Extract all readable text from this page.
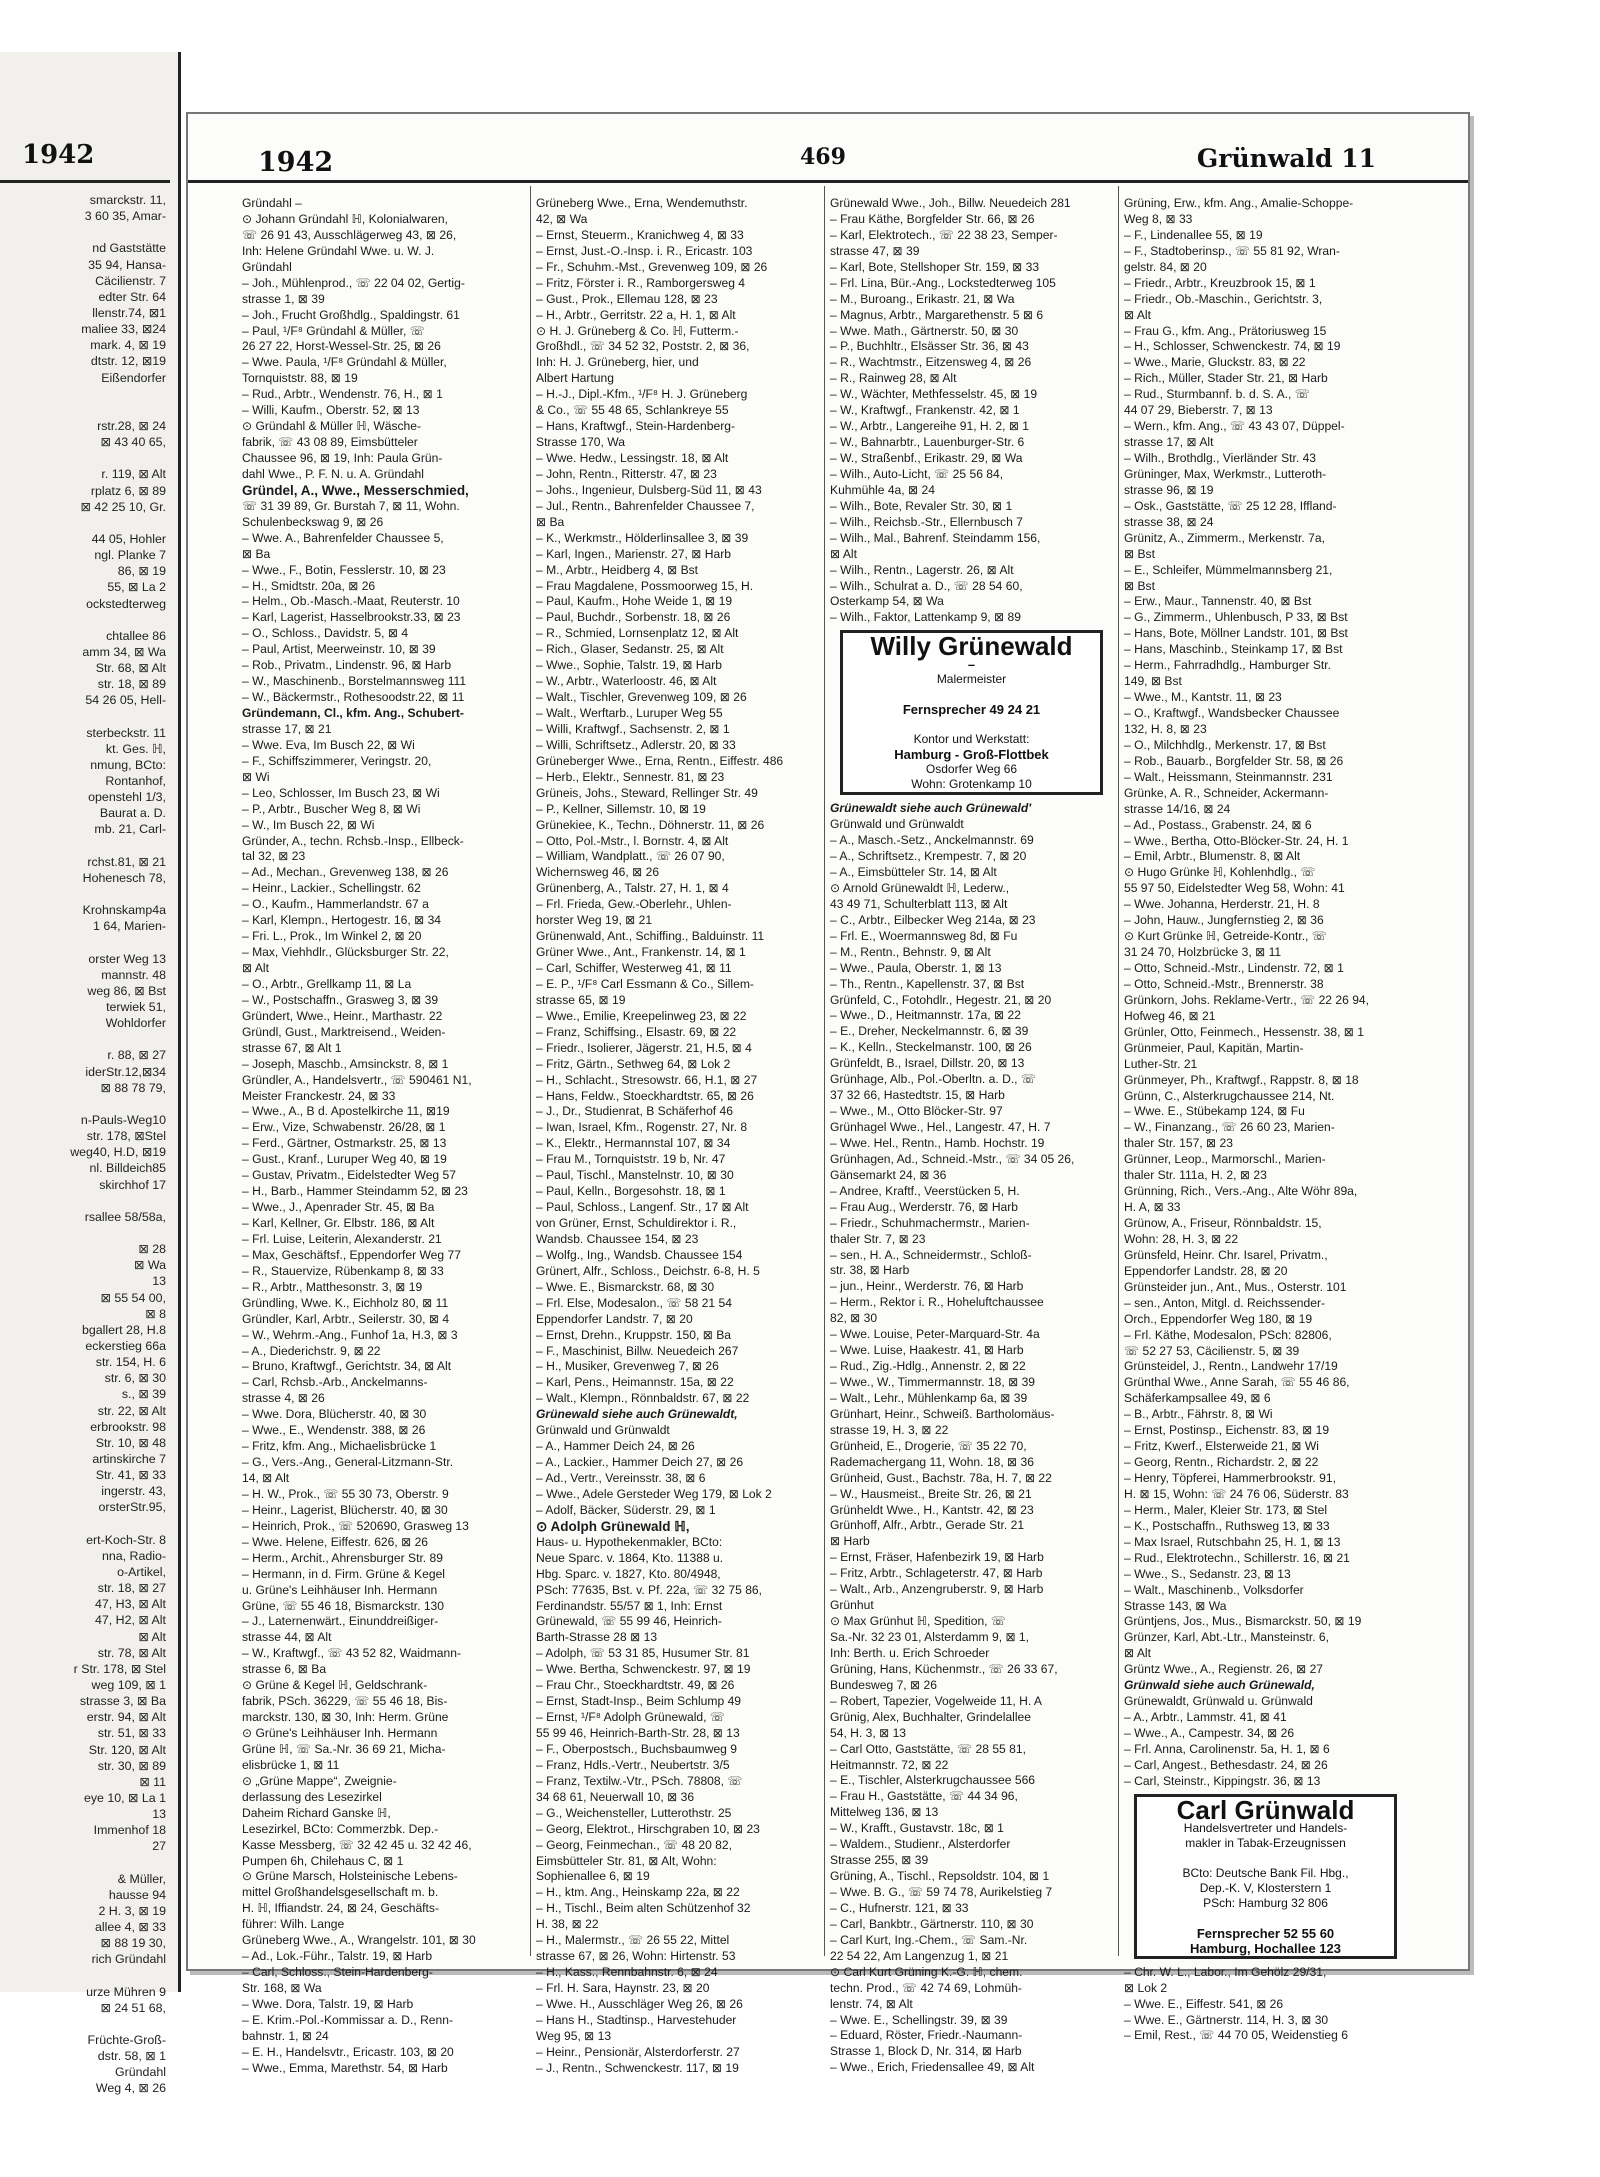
1942
smarckstr. 11,
3 60 35, Amar-
nd Gaststätte
35 94, Hansa-
Cäcilienstr. 7
edter Str. 64
llenstr.74, ⊠1
maliee 33, ⊠24
mark. 4, ⊠ 19
dtstr. 12, ⊠19
Eißendorfer
rstr.28, ⊠ 24
⊠ 43 40 65,
r. 119, ⊠ Alt
rplatz 6, ⊠ 89
⊠ 42 25 10, Gr.
44 05, Hohler
ngl. Planke 7
86, ⊠ 19
55, ⊠ La 2
ockstedterweg
chtallee 86
amm 34, ⊠ Wa
Str. 68, ⊠ Alt
str. 18, ⊠ 89
54 26 05, Hell-
sterbeckstr. 11
kt. Ges. ℍ,
nmung, BCto:
Rontanhof,
openstehl 1/3,
Baurat a. D.
mb. 21, Carl-
rchst.81, ⊠ 21
Hohenesch 78,
Krohnskamp4a
1 64, Marien-
orster Weg 13
mannstr. 48
weg 86, ⊠ Bst
terwiek 51,
Wohldorfer
r. 88, ⊠ 27
iderStr.12,⊠34
⊠ 88 78 79,
n-Pauls-Weg10
str. 178, ⊠Stel
weg40, H.D, ⊠19
nl. Billdeich85
skirchhof 17
rsallee 58/58a,
⊠ 28
⊠ Wa
13
⊠ 55 54 00,
⊠ 8
bgallert 28, H.8
eckerstieg 66a
str. 154, H. 6
str. 6, ⊠ 30
s., ⊠ 39
str. 22, ⊠ Alt
erbrookstr. 98
Str. 10, ⊠ 48
artinskirche 7
Str. 41, ⊠ 33
ingerstr. 43,
orsterStr.95,
ert-Koch-Str. 8
nna, Radio-
o-Artikel,
str. 18, ⊠ 27
47, H3, ⊠ Alt
47, H2, ⊠ Alt
⊠ Alt
str. 78, ⊠ Alt
r Str. 178, ⊠ Stel
weg 109, ⊠ 1
strasse 3, ⊠ Ba
erstr. 94, ⊠ Alt
str. 51, ⊠ 33
Str. 120, ⊠ Alt
str. 30, ⊠ 89
⊠ 11
eye 10, ⊠ La 1
13
Immenhof 18
27
& Müller,
hausse 94
2 H. 3, ⊠ 19
allee 4, ⊠ 33
⊠ 88 19 30,
rich Gründahl
urze Mühren 9
⊠ 24 51 68,
Früchte-Groß-
dstr. 58, ⊠ 1
Gründahl
Weg 4, ⊠ 26
1942	469	Grünwald 11
Gründahl –
⊙ Johann Gründahl ℍ, Kolonialwaren,
☏ 26 91 43, Ausschlägerweg 43, ⊠ 26,
Inh: Helene Gründahl Wwe. u. W. J.
Gründahl
– Joh., Mühlenprod., ☏ 22 04 02, Gertig-
strasse 1, ⊠ 39
– Joh., Frucht Großhdlg., Spaldingstr. 61
– Paul, ¹/F⁸ Gründahl & Müller, ☏
26 27 22, Horst-Wessel-Str. 25, ⊠ 26
– Wwe. Paula, ¹/F⁸ Gründahl & Müller,
Tornquiststr. 88, ⊠ 19
– Rud., Arbtr., Wendenstr. 76, H., ⊠ 1
– Willi, Kaufm., Oberstr. 52, ⊠ 13
⊙ Gründahl & Müller ℍ, Wäsche-
fabrik, ☏ 43 08 89, Eimsbütteler
Chaussee 96, ⊠ 19, Inh: Paula Grün-
dahl Wwe., P. F. N. u. A. Gründahl
Gründel, A., Wwe., Messerschmied,
☏ 31 39 89, Gr. Burstah 7, ⊠ 11, Wohn.
Schulenbeckswag 9, ⊠ 26
– Wwe. A., Bahrenfelder Chaussee 5,
⊠ Ba
– Wwe., F., Botin, Fesslerstr. 10, ⊠ 23
– H., Smidtstr. 20a, ⊠ 26
– Helm., Ob.-Masch.-Maat, Reuterstr. 10
– Karl, Lagerist, Hasselbrookstr.33, ⊠ 23
– O., Schloss., Davidstr. 5, ⊠ 4
– Paul, Artist, Meerweinstr. 10, ⊠ 39
– Rob., Privatm., Lindenstr. 96, ⊠ Harb
– W., Maschinenb., Borstelmannsweg 111
– W., Bäckermstr., Rothesoodstr.22, ⊠ 11
Gründemann, Cl., kfm. Ang., Schubert-
strasse 17, ⊠ 21
– Wwe. Eva, Im Busch 22, ⊠ Wi
– F., Schiffszimmerer, Veringstr. 20,
⊠ Wi
– Leo, Schlosser, Im Busch 23, ⊠ Wi
– P., Arbtr., Buscher Weg 8, ⊠ Wi
– W., Im Busch 22, ⊠ Wi
Gründer, A., techn. Rchsb.-Insp., Ellbeck-
tal 32, ⊠ 23
– Ad., Mechan., Grevenweg 138, ⊠ 26
– Heinr., Lackier., Schellingstr. 62
– O., Kaufm., Hammerlandstr. 67 a
– Karl, Klempn., Hertogestr. 16, ⊠ 34
– Fri. L., Prok., Im Winkel 2, ⊠ 20
– Max, Viehhdlr., Glücksburger Str. 22,
⊠ Alt
– O., Arbtr., Grellkamp 11, ⊠ La
– W., Postschaffn., Grasweg 3, ⊠ 39
Gründert, Wwe., Heinr., Marthastr. 22
Gründl, Gust., Marktreisend., Weiden-
strasse 67, ⊠ Alt 1
– Joseph, Maschb., Amsinckstr. 8, ⊠ 1
Gründler, A., Handelsvertr., ☏ 590461 N1,
Meister Franckestr. 24, ⊠ 33
– Wwe., A., B d. Apostelkirche 11, ⊠19
– Erw., Vize, Schwabenstr. 26/28, ⊠ 1
– Ferd., Gärtner, Ostmarkstr. 25, ⊠ 13
– Gust., Kranf., Luruper Weg 40, ⊠ 19
– Gustav, Privatm., Eidelstedter Weg 57
– H., Barb., Hammer Steindamm 52, ⊠ 23
– Wwe., J., Apenrader Str. 45, ⊠ Ba
– Karl, Kellner, Gr. Elbstr. 186, ⊠ Alt
– Frl. Luise, Leiterin, Alexanderstr. 21
– Max, Geschäftsf., Eppendorfer Weg 77
– R., Stauervize, Rübenkamp 8, ⊠ 33
– R., Arbtr., Matthesonstr. 3, ⊠ 19
Gründling, Wwe. K., Eichholz 80, ⊠ 11
Gründler, Karl, Arbtr., Seilerstr. 30, ⊠ 4
– W., Wehrm.-Ang., Funhof 1a, H.3, ⊠ 3
– A., Diederichstr. 9, ⊠ 22
– Bruno, Kraftwgf., Gerichtstr. 34, ⊠ Alt
– Carl, Rchsb.-Arb., Anckelmanns-
strasse 4, ⊠ 26
– Wwe. Dora, Blücherstr. 40, ⊠ 30
– Wwe., E., Wendenstr. 388, ⊠ 26
– Fritz, kfm. Ang., Michaelisbrücke 1
– G., Vers.-Ang., General-Litzmann-Str.
14, ⊠ Alt
– H. W., Prok., ☏ 55 30 73, Oberstr. 9
– Heinr., Lagerist, Blücherstr. 40, ⊠ 30
– Heinrich, Prok., ☏ 520690, Grasweg 13
– Wwe. Helene, Eiffestr. 626, ⊠ 26
– Herm., Archit., Ahrensburger Str. 89
– Hermann, in d. Firm. Grüne & Kegel
u. Grüne's Leihhäuser Inh. Hermann
Grüne, ☏ 55 46 18, Bismarckstr. 130
– J., Laternenwärt., Einunddreißiger-
strasse 44, ⊠ Alt
– W., Kraftwgf., ☏ 43 52 82, Waidmann-
strasse 6, ⊠ Ba
⊙ Grüne & Kegel ℍ, Geldschrank-
fabrik, PSch. 36229, ☏ 55 46 18, Bis-
marckstr. 130, ⊠ 30, Inh: Herm. Grüne
⊙ Grüne's Leihhäuser Inh. Hermann
Grüne ℍ, ☏ Sa.-Nr. 36 69 21, Micha-
elisbrücke 1, ⊠ 11
⊙ „Grüne Mappe“, Zweignie-
derlassung des Lesezirkel
Daheim Richard Ganske ℍ,
Lesezirkel, BCto: Commerzbk. Dep.-
Kasse Messberg, ☏ 32 42 45 u. 32 42 46,
Pumpen 6h, Chilehaus C, ⊠ 1
⊙ Grüne Marsch, Holsteinische Lebens-
mittel Großhandelsgesellschaft m. b.
H. ℍ, Iffiandstr. 24, ⊠ 24, Geschäfts-
führer: Wilh. Lange
Grüneberg Wwe., A., Wrangelstr. 101, ⊠ 30
– Ad., Lok.-Führ., Talstr. 19, ⊠ Harb
– Carl, Schloss., Stein-Hardenberg-
Str. 168, ⊠ Wa
– Wwe. Dora, Talstr. 19, ⊠ Harb
– E. Krim.-Pol.-Kommissar a. D., Renn-
bahnstr. 1, ⊠ 24
– E. H., Handelsvtr., Ericastr. 103, ⊠ 20
– Wwe., Emma, Marethstr. 54, ⊠ Harb
Grüneberg Wwe., Erna, Wendemuthstr.
42, ⊠ Wa
– Ernst, Steuerm., Kranichweg 4, ⊠ 33
– Ernst, Just.-O.-Insp. i. R., Ericastr. 103
– Fr., Schuhm.-Mst., Grevenweg 109, ⊠ 26
– Fritz, Förster i. R., Ramborgersweg 4
– Gust., Prok., Ellemau 128, ⊠ 23
– H., Arbtr., Gerritstr. 22 a, H. 1, ⊠ Alt
⊙ H. J. Grüneberg & Co. ℍ, Futterm.-
Großhdl., ☏ 34 52 32, Poststr. 2, ⊠ 36,
Inh: H. J. Grüneberg, hier, und
Albert Hartung
– H.-J., Dipl.-Kfm., ¹/F⁸ H. J. Grüneberg
& Co., ☏ 55 48 65, Schlankreye 55
– Hans, Kraftwgf., Stein-Hardenberg-
Strasse 170, Wa
– Wwe. Hedw., Lessingstr. 18, ⊠ Alt
– John, Rentn., Ritterstr. 47, ⊠ 23
– Johs., Ingenieur, Dulsberg-Süd 11, ⊠ 43
– Jul., Rentn., Bahrenfelder Chaussee 7,
⊠ Ba
– K., Werkmstr., Hölderlinsallee 3, ⊠ 39
– Karl, Ingen., Marienstr. 27, ⊠ Harb
– M., Arbtr., Heidberg 4, ⊠ Bst
– Frau Magdalene, Possmoorweg 15, H.
– Paul, Kaufm., Hohe Weide 1, ⊠ 19
– Paul, Buchdr., Sorbenstr. 18, ⊠ 26
– R., Schmied, Lornsenplatz 12, ⊠ Alt
– Rich., Glaser, Sedanstr. 25, ⊠ Alt
– Wwe., Sophie, Talstr. 19, ⊠ Harb
– W., Arbtr., Waterloostr. 46, ⊠ Alt
– Walt., Tischler, Grevenweg 109, ⊠ 26
– Walt., Werftarb., Luruper Weg 55
– Willi, Kraftwgf., Sachsenstr. 2, ⊠ 1
– Willi, Schriftsetz., Adlerstr. 20, ⊠ 33
Grüneberger Wwe., Erna, Rentn., Eiffestr. 486
– Herb., Elektr., Sennestr. 81, ⊠ 23
Grüneis, Johs., Steward, Rellinger Str. 49
– P., Kellner, Sillemstr. 10, ⊠ 19
Grünekiee, K., Techn., Döhnerstr. 11, ⊠ 26
– Otto, Pol.-Mstr., l. Bornstr. 4, ⊠ Alt
– William, Wandplatt., ☏ 26 07 90,
Wichernsweg 46, ⊠ 26
Grünenberg, A., Talstr. 27, H. 1, ⊠ 4
– Frl. Frieda, Gew.-Oberlehr., Uhlen-
horster Weg 19, ⊠ 21
Grünenwald, Ant., Schiffing., Balduinstr. 11
Grüner Wwe., Ant., Frankenstr. 14, ⊠ 1
– Carl, Schiffer, Westerweg 41, ⊠ 11
– E. P., ¹/F⁸ Carl Essmann & Co., Sillem-
strasse 65, ⊠ 19
– Wwe., Emilie, Kreepelinweg 23, ⊠ 22
– Franz, Schiffsing., Elsastr. 69, ⊠ 22
– Friedr., Isolierer, Jägerstr. 21, H.5, ⊠ 4
– Fritz, Gärtn., Sethweg 64, ⊠ Lok 2
– H., Schlacht., Stresowstr. 66, H.1, ⊠ 27
– Hans, Feldw., Stoeckhardtstr. 65, ⊠ 26
– J., Dr., Studienrat, B Schäferhof 46
– Iwan, Israel, Kfm., Rogenstr. 27, Nr. 8
– K., Elektr., Hermannstal 107, ⊠ 34
– Frau M., Tornquiststr. 19 b, Nr. 47
– Paul, Tischl., Manstelnstr. 10, ⊠ 30
– Paul, Kelln., Borgesohstr. 18, ⊠ 1
– Paul, Schloss., Langenf. Str., 17 ⊠ Alt
von Grüner, Ernst, Schuldirektor i. R.,
Wandsb. Chaussee 154, ⊠ 23
– Wolfg., Ing., Wandsb. Chaussee 154
Grünert, Alfr., Schloss., Deichstr. 6-8, H. 5
– Wwe. E., Bismarckstr. 68, ⊠ 30
– Frl. Else, Modesalon., ☏ 58 21 54
Eppendorfer Landstr. 7, ⊠ 20
– Ernst, Drehn., Kruppstr. 150, ⊠ Ba
– F., Maschinist, Billw. Neuedeich 267
– H., Musiker, Grevenweg 7, ⊠ 26
– Karl, Pens., Heimannstr. 15a, ⊠ 22
– Walt., Klempn., Rönnbaldstr. 67, ⊠ 22
Grünewald siehe auch Grünewaldt,
Grünwald und Grünwaldt
– A., Hammer Deich 24, ⊠ 26
– A., Lackier., Hammer Deich 27, ⊠ 26
– Ad., Vertr., Vereinsstr. 38, ⊠ 6
– Wwe., Adele Gersteder Weg 179, ⊠ Lok 2
– Adolf, Bäcker, Süderstr. 29, ⊠ 1
⊙ Adolph Grünewald ℍ,
Haus- u. Hypothekenmakler, BCto:
Neue Sparc. v. 1864, Kto. 11388 u.
Hbg. Sparc. v. 1827, Kto. 80/4948,
PSch: 77635, Bst. v. Pf. 22a, ☏ 32 75 86,
Ferdinandstr. 55/57 ⊠ 1, Inh: Ernst
Grünewald, ☏ 55 99 46, Heinrich-
Barth-Strasse 28 ⊠ 13
– Adolph, ☏ 53 31 85, Husumer Str. 81
– Wwe. Bertha, Schwenckestr. 97, ⊠ 19
– Frau Chr., Stoeckhardtstr. 49, ⊠ 26
– Ernst, Stadt-Insp., Beim Schlump 49
– Ernst, ¹/F⁸ Adolph Grünewald, ☏
55 99 46, Heinrich-Barth-Str. 28, ⊠ 13
– F., Oberpostsch., Buchsbaumweg 9
– Franz, Hdls.-Vertr., Neubertstr. 3/5
– Franz, Textilw.-Vtr., PSch. 78808, ☏
34 68 61, Neuerwall 10, ⊠ 36
– G., Weichensteller, Lutterothstr. 25
– Georg, Elektrot., Hirschgraben 10, ⊠ 23
– Georg, Feinmechan., ☏ 48 20 82,
Eimsbütteler Str. 81, ⊠ Alt, Wohn:
Sophienallee 6, ⊠ 19
– H., ktm. Ang., Heinskamp 22a, ⊠ 22
– H., Tischl., Beim alten Schützenhof 32
H. 38, ⊠ 22
– H., Malermstr., ☏ 26 55 22, Mittel
strasse 67, ⊠ 26, Wohn: Hirtenstr. 53
– H., Kass., Rennbahnstr. 6, ⊠ 24
– Frl. H. Sara, Haynstr. 23, ⊠ 20
– Wwe. H., Ausschläger Weg 26, ⊠ 26
– Hans H., Stadtinsp., Harvestehuder
Weg 95, ⊠ 13
– Heinr., Pensionär, Alsterdorferstr. 27
– J., Rentn., Schwenckestr. 117, ⊠ 19
Grünewald Wwe., Joh., Billw. Neuedeich 281
– Frau Käthe, Borgfelder Str. 66, ⊠ 26
– Karl, Elektrotech., ☏ 22 38 23, Semper-
strasse 47, ⊠ 39
– Karl, Bote, Stellshoper Str. 159, ⊠ 33
– Frl. Lina, Bür.-Ang., Lockstedterweg 105
– M., Buroang., Erikastr. 21, ⊠ Wa
– Magnus, Arbtr., Margarethenstr. 5 ⊠ 6
– Wwe. Math., Gärtnerstr. 50, ⊠ 30
– P., Buchhltr., Elsässer Str. 36, ⊠ 43
– R., Wachtmstr., Eitzensweg 4, ⊠ 26
– R., Rainweg 28, ⊠ Alt
– W., Wächter, Methfesselstr. 45, ⊠ 19
– W., Kraftwgf., Frankenstr. 42, ⊠ 1
– W., Arbtr., Langereihe 91, H. 2, ⊠ 1
– W., Bahnarbtr., Lauenburger-Str. 6
– W., Straßenbf., Erikastr. 29, ⊠ Wa
– Wilh., Auto-Licht, ☏ 25 56 84,
Kuhmühle 4a, ⊠ 24
– Wilh., Bote, Revaler Str. 30, ⊠ 1
– Wilh., Reichsb.-Str., Ellernbusch 7
– Wilh., Mal., Bahrenf. Steindamm 156,
⊠ Alt
– Wilh., Rentn., Lagerstr. 26, ⊠ Alt
– Wilh., Schulrat a. D., ☏ 28 54 60,
Osterkamp 54, ⊠ Wa
– Wilh., Faktor, Lattenkamp 9, ⊠ 89
Willy Grünewald
–
Malermeister

Fernsprecher 49 24 21

Kontor und Werkstatt:
Hamburg - Groß-Flottbek
Osdorfer Weg 66
Wohn: Grotenkamp 10
Grünewaldt siehe auch Grünewald'
Grünwald und Grünwaldt
– A., Masch.-Setz., Anckelmannstr. 69
– A., Schriftsetz., Krempestr. 7, ⊠ 20
– A., Eimsbütteler Str. 14, ⊠ Alt
⊙ Arnold Grünewaldt ℍ, Lederw.,
43 49 71, Schulterblatt 113, ⊠ Alt
– C., Arbtr., Eilbecker Weg 214a, ⊠ 23
– Frl. E., Woermannsweg 8d, ⊠ Fu
– M., Rentn., Behnstr. 9, ⊠ Alt
– Wwe., Paula, Oberstr. 1, ⊠ 13
– Th., Rentn., Kapellenstr. 37, ⊠ Bst
Grünfeld, C., Fotohdlr., Hegestr. 21, ⊠ 20
– Wwe., D., Heitmannstr. 17a, ⊠ 22
– E., Dreher, Neckelmannstr. 6, ⊠ 39
– K., Kelln., Steckelmanstr. 100, ⊠ 26
Grünfeldt, B., Israel, Dillstr. 20, ⊠ 13
Grünhage, Alb., Pol.-Oberltn. a. D., ☏
37 32 66, Hastedtstr. 15, ⊠ Harb
– Wwe., M., Otto Blöcker-Str. 97
Grünhagel Wwe., Hel., Langestr. 47, H. 7
– Wwe. Hel., Rentn., Hamb. Hochstr. 19
Grünhagen, Ad., Schneid.-Mstr., ☏ 34 05 26,
Gänsemarkt 24, ⊠ 36
– Andree, Kraftf., Veerstücken 5, H.
– Frau Aug., Werderstr. 76, ⊠ Harb
– Friedr., Schuhmachermstr., Marien-
thaler Str. 7, ⊠ 23
– sen., H. A., Schneidermstr., Schloß-
str. 38, ⊠ Harb
– jun., Heinr., Werderstr. 76, ⊠ Harb
– Herm., Rektor i. R., Hoheluftchaussee
82, ⊠ 30
– Wwe. Louise, Peter-Marquard-Str. 4a
– Wwe. Luise, Haakestr. 41, ⊠ Harb
– Rud., Zig.-Hdlg., Annenstr. 2, ⊠ 22
– Wwe., W., Timmermannstr. 18, ⊠ 39
– Walt., Lehr., Mühlenkamp 6a, ⊠ 39
Grünhart, Heinr., Schweiß. Bartholomäus-
strasse 19, H. 3, ⊠ 22
Grünheid, E., Drogerie, ☏ 35 22 70,
Rademachergang 11, Wohn. 18, ⊠ 36
Grünheid, Gust., Bachstr. 78a, H. 7, ⊠ 22
– W., Hausmeist., Breite Str. 26, ⊠ 21
Grünheldt Wwe., H., Kantstr. 42, ⊠ 23
Grünhoff, Alfr., Arbtr., Gerade Str. 21
⊠ Harb
– Ernst, Fräser, Hafenbezirk 19, ⊠ Harb
– Fritz, Arbtr., Schlageterstr. 47, ⊠ Harb
– Walt., Arb., Anzengruberstr. 9, ⊠ Harb
Grünhut
⊙ Max Grünhut ℍ, Spedition, ☏
Sa.-Nr. 32 23 01, Alsterdamm 9, ⊠ 1,
Inh: Berth. u. Erich Schroeder
Grüning, Hans, Küchenmstr., ☏ 26 33 67,
Bundesweg 7, ⊠ 26
– Robert, Tapezier, Vogelweide 11, H. A
Grünig, Alex, Buchhalter, Grindelallee
54, H. 3, ⊠ 13
– Carl Otto, Gaststätte, ☏ 28 55 81,
Heitmannstr. 72, ⊠ 22
– E., Tischler, Alsterkrugchaussee 566
– Frau H., Gaststätte, ☏ 44 34 96,
Mittelweg 136, ⊠ 13
– W., Krafft., Gustavstr. 18c, ⊠ 1
– Waldem., Studienr., Alsterdorfer
Strasse 255, ⊠ 39
Grüning, A., Tischl., Repsoldstr. 104, ⊠ 1
– Wwe. B. G., ☏ 59 74 78, Aurikelstieg 7
– C., Hufnerstr. 121, ⊠ 33
– Carl, Bankbtr., Gärtnerstr. 110, ⊠ 30
– Carl Kurt, Ing.-Chem., ☏ Sam.-Nr.
22 54 22, Am Langenzug 1, ⊠ 21
⊙ Carl Kurt Grüning K.-G. ℍ, chem.
techn. Prod., ☏ 42 74 69, Lohmüh-
lenstr. 74, ⊠ Alt
– Wwe. E., Schellingstr. 39, ⊠ 39
– Eduard, Röster, Friedr.-Naumann-
Strasse 1, Block D, Nr. 314, ⊠ Harb
– Wwe., Erich, Friedensallee 49, ⊠ Alt
Grüning, Erw., kfm. Ang., Amalie-Schoppe-
Weg 8, ⊠ 33
– F., Lindenallee 55, ⊠ 19
– F., Stadtoberinsp., ☏ 55 81 92, Wran-
gelstr. 84, ⊠ 20
– Friedr., Arbtr., Kreuzbrook 15, ⊠ 1
– Friedr., Ob.-Maschin., Gerichtstr. 3,
⊠ Alt
– Frau G., kfm. Ang., Prätoriusweg 15
– H., Schlosser, Schwenckestr. 74, ⊠ 19
– Wwe., Marie, Gluckstr. 83, ⊠ 22
– Rich., Müller, Stader Str. 21, ⊠ Harb
– Rud., Sturmbannf. b. d. S. A., ☏
44 07 29, Bieberstr. 7, ⊠ 13
– Wern., kfm. Ang., ☏ 43 43 07, Düppel-
strasse 17, ⊠ Alt
– Wilh., Brothdlg., Vierländer Str. 43
Grüninger, Max, Werkmstr., Lutteroth-
strasse 96, ⊠ 19
– Osk., Gaststätte, ☏ 25 12 28, Iffland-
strasse 38, ⊠ 24
Grünitz, A., Zimmerm., Merkenstr. 7a,
⊠ Bst
– E., Schleifer, Mümmelmannsberg 21,
⊠ Bst
– Erw., Maur., Tannenstr. 40, ⊠ Bst
– G., Zimmerm., Uhlenbusch, P 33, ⊠ Bst
– Hans, Bote, Möllner Landstr. 101, ⊠ Bst
– Hans, Maschinb., Steinkamp 17, ⊠ Bst
– Herm., Fahrradhdlg., Hamburger Str.
149, ⊠ Bst
– Wwe., M., Kantstr. 11, ⊠ 23
– O., Kraftwgf., Wandsbecker Chaussee
132, H. 8, ⊠ 23
– O., Milchhdlg., Merkenstr. 17, ⊠ Bst
– Rob., Bauarb., Borgfelder Str. 58, ⊠ 26
– Walt., Heissmann, Steinmannstr. 231
Grünke, A. R., Schneider, Ackermann-
strasse 14/16, ⊠ 24
– Ad., Postass., Grabenstr. 24, ⊠ 6
– Wwe., Bertha, Otto-Blöcker-Str. 24, H. 1
– Emil, Arbtr., Blumenstr. 8, ⊠ Alt
⊙ Hugo Grünke ℍ, Kohlenhdlg., ☏
55 97 50, Eidelstedter Weg 58, Wohn: 41
– Wwe. Johanna, Herderstr. 21, H. 8
– John, Hauw., Jungfernstieg 2, ⊠ 36
⊙ Kurt Grünke ℍ, Getreide-Kontr., ☏
31 24 70, Holzbrücke 3, ⊠ 11
– Otto, Schneid.-Mstr., Lindenstr. 72, ⊠ 1
– Otto, Schneid.-Mstr., Brennerstr. 38
Grünkorn, Johs. Reklame-Vertr., ☏ 22 26 94,
Hofweg 46, ⊠ 21
Grünler, Otto, Feinmech., Hessenstr. 38, ⊠ 1
Grünmeier, Paul, Kapitän, Martin-
Luther-Str. 21
Grünmeyer, Ph., Kraftwgf., Rappstr. 8, ⊠ 18
Grünn, C., Alsterkrugchaussee 214, Nt.
– Wwe. E., Stübekamp 124, ⊠ Fu
– W., Finanzang., ☏ 26 60 23, Marien-
thaler Str. 157, ⊠ 23
Grünner, Leop., Marmorschl., Marien-
thaler Str. 111a, H. 2, ⊠ 23
Grünning, Rich., Vers.-Ang., Alte Wöhr 89a,
H. A, ⊠ 33
Grünow, A., Friseur, Rönnbaldstr. 15,
Wohn: 28, H. 3, ⊠ 22
Grünsfeld, Heinr. Chr. Isarel, Privatm.,
Eppendorfer Landstr. 28, ⊠ 20
Grünsteider jun., Ant., Mus., Osterstr. 101
– sen., Anton, Mitgl. d. Reichssender-
Orch., Eppendorfer Weg 180, ⊠ 19
– Frl. Käthe, Modesalon, PSch: 82806,
☏ 52 27 53, Cäcilienstr. 5, ⊠ 39
Grünsteidel, J., Rentn., Landwehr 17/19
Grünthal Wwe., Anne Sarah, ☏ 55 46 86,
Schäferkampsallee 49, ⊠ 6
– B., Arbtr., Fährstr. 8, ⊠ Wi
– Ernst, Postinsp., Eichenstr. 83, ⊠ 19
– Fritz, Kwerf., Elsterweide 21, ⊠ Wi
– Georg, Rentn., Richardstr. 2, ⊠ 22
– Henry, Töpferei, Hammerbrookstr. 91,
H. ⊠ 15, Wohn: ☏ 24 76 06, Süderstr. 83
– Herm., Maler, Kleier Str. 173, ⊠ Stel
– K., Postschaffn., Ruthsweg 13, ⊠ 33
– Max Israel, Rutschbahn 25, H. 1, ⊠ 13
– Rud., Elektrotechn., Schillerstr. 16, ⊠ 21
– Wwe., S., Sedanstr. 23, ⊠ 13
– Walt., Maschinenb., Volksdorfer
Strasse 143, ⊠ Wa
Grüntjens, Jos., Mus., Bismarckstr. 50, ⊠ 19
Grünzer, Karl, Abt.-Ltr., Mansteinstr. 6,
⊠ Alt
Grüntz Wwe., A., Regienstr. 26, ⊠ 27
Grünwald siehe auch Grünewald,
Grünewaldt, Grünwald u. Grünwald
– A., Arbtr., Lammstr. 41, ⊠ 41
– Wwe., A., Campestr. 34, ⊠ 26
– Frl. Anna, Carolinenstr. 5a, H. 1, ⊠ 6
– Carl, Angest., Bethesdastr. 24, ⊠ 26
– Carl, Steinstr., Kippingstr. 36, ⊠ 13
Carl Grünwald
Handelsvertreter und Handels-
makler in Tabak-Erzeugnissen

BCto: Deutsche Bank Fil. Hbg.,
Dep.-K. V, Klosterstern 1
PSch: Hamburg 32 806

Fernsprecher 52 55 60
Hamburg, Hochallee 123
– Chr. W. L., Labor., Im Gehölz 29/31,
⊠ Lok 2
– Wwe. E., Eiffestr. 541, ⊠ 26
– Wwe. E., Gärtnerstr. 114, H. 3, ⊠ 30
– Emil, Rest., ☏ 44 70 05, Weidenstieg 6
